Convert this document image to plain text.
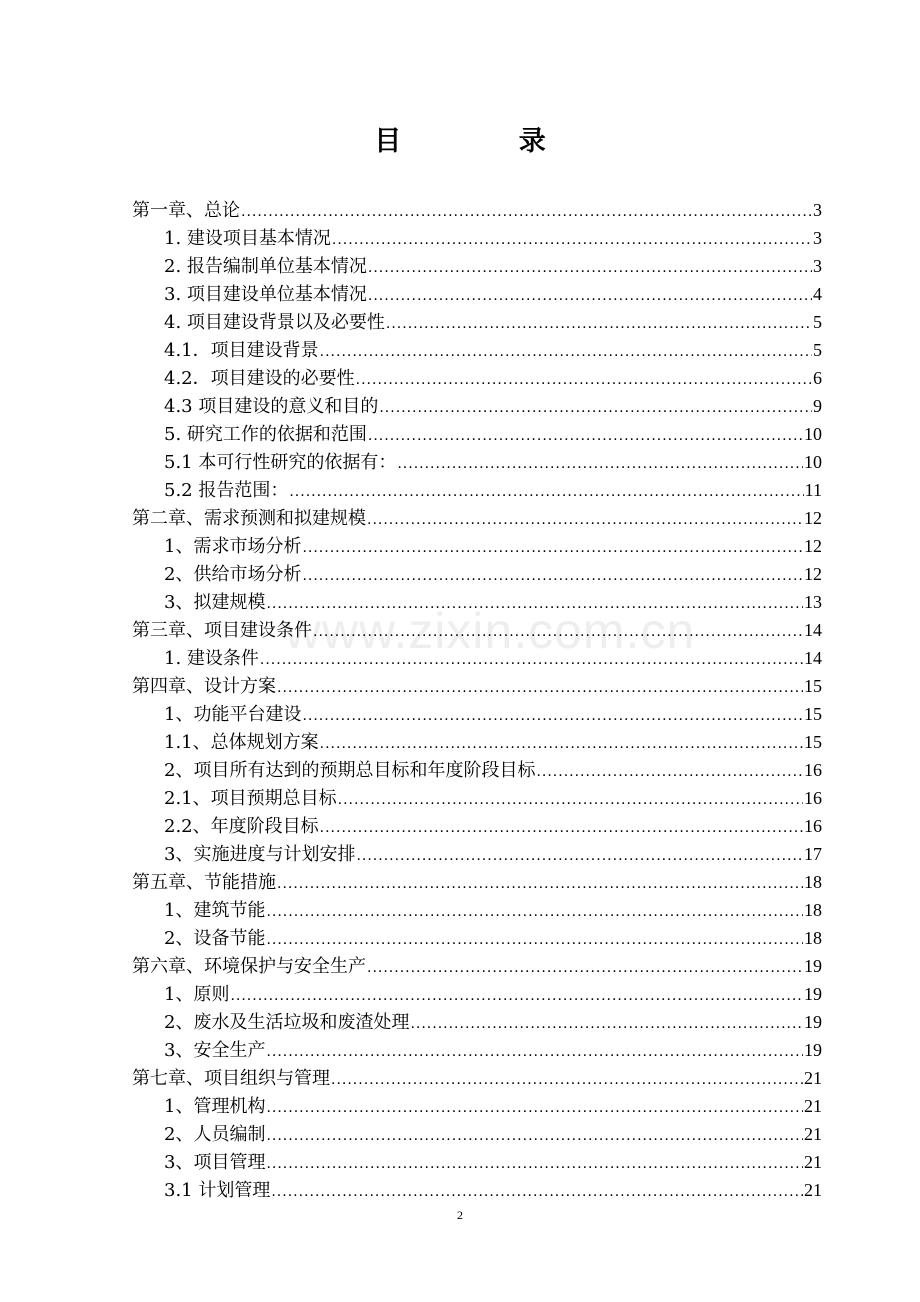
目 录
www.zixin.com.cn
第一章、总论 .....	3
1. 建设项目基本情况 .....	3
2. 报告编制单位基本情况 .....	3
3. 项目建设单位基本情况 .....	4
4. 项目建设背景以及必要性 .....	5
4.1．项目建设背景 .....	5
4.2．项目建设的必要性 .....	6
4.3 项目建设的意义和目的 .....	9
5. 研究工作的依据和范围 .....	10
5.1 本可行性研究的依据有： .....	10
5.2 报告范围： .....	11
第二章、需求预测和拟建规模 .....	12
1、需求市场分析 .....	12
2、供给市场分析 .....	12
3、拟建规模 .....	13
第三章、项目建设条件 .....	14
1. 建设条件 .....	14
第四章、设计方案 .....	15
1、功能平台建设 .....	15
1.1、总体规划方案 .....	15
2、项目所有达到的预期总目标和年度阶段目标 .....	16
2.1、项目预期总目标 .....	16
2.2、年度阶段目标 .....	16
3、实施进度与计划安排 .....	17
第五章、节能措施 .....	18
1、建筑节能 .....	18
2、设备节能 .....	18
第六章、环境保护与安全生产 .....	19
1、原则 .....	19
2、废水及生活垃圾和废渣处理 .....	19
3、安全生产 .....	19
第七章、项目组织与管理 .....	21
1、管理机构 .....	21
2、人员编制 .....	21
3、项目管理 .....	21
3.1 计划管理 .....	21
2
